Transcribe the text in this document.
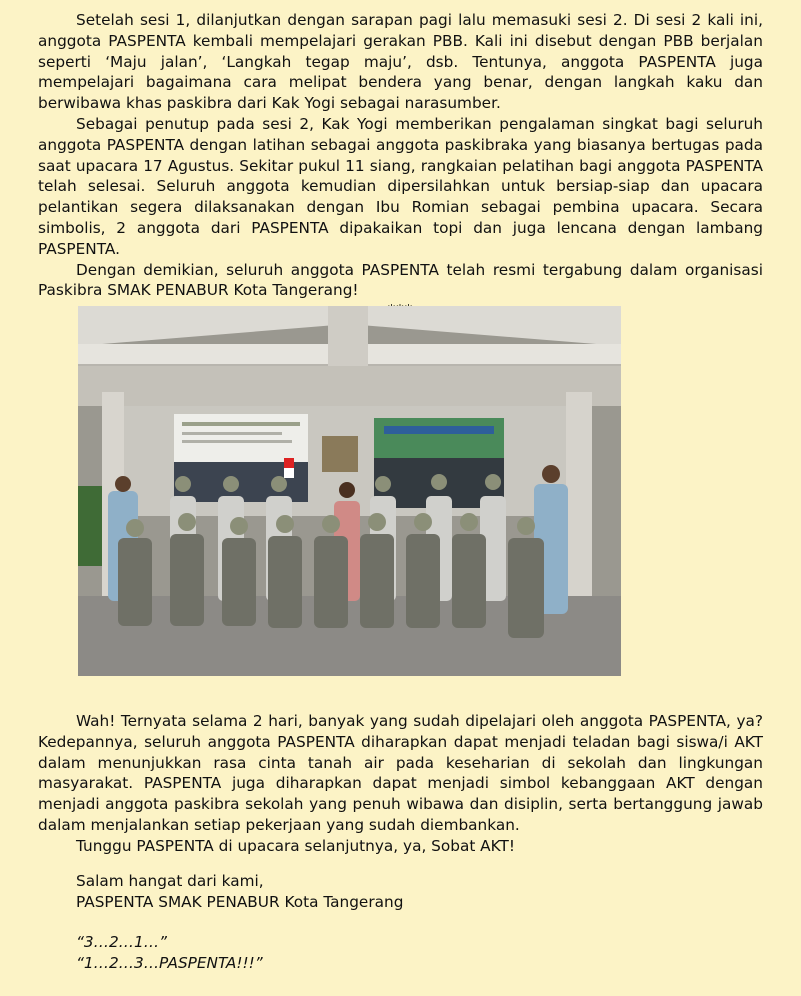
Setelah sesi 1, dilanjutkan dengan sarapan pagi lalu memasuki sesi 2. Di sesi 2 kali ini, anggota PASPENTA kembali mempelajari gerakan PBB. Kali ini disebut dengan PBB berjalan seperti ‘Maju jalan’, ‘Langkah tegap maju’, dsb. Tentunya, anggota PASPENTA juga mempelajari bagaimana cara melipat bendera yang benar, dengan langkah kaku dan berwibawa khas paskibra dari Kak Yogi sebagai narasumber.

Sebagai penutup pada sesi 2, Kak Yogi memberikan pengalaman singkat bagi seluruh anggota PASPENTA dengan latihan sebagai anggota paskibraka yang biasanya bertugas pada saat upacara 17 Agustus. Sekitar pukul 11 siang, rangkaian pelatihan bagi anggota PASPENTA telah selesai. Seluruh anggota kemudian dipersilahkan untuk bersiap-siap dan upacara pelantikan segera dilaksanakan dengan Ibu Romian sebagai pembina upacara. Secara simbolis, 2 anggota dari PASPENTA dipakaikan topi dan juga lencana dengan lambang PASPENTA.

Dengan demikian, seluruh anggota PASPENTA telah resmi tergabung dalam organisasi Paskibra SMAK PENABUR Kota Tangerang!

Wah! Ternyata selama 2 hari, banyak yang sudah dipelajari oleh anggota PASPENTA, ya? Kedepannya, seluruh anggota PASPENTA diharapkan dapat menjadi teladan bagi siswa/i AKT dalam menunjukkan rasa cinta tanah air pada keseharian di sekolah dan lingkungan masyarakat. PASPENTA juga diharapkan dapat menjadi simbol kebanggaan AKT dengan menjadi anggota paskibra sekolah yang penuh wibawa dan disiplin, serta bertanggung jawab dalam menjalankan setiap pekerjaan yang sudah diembankan.

Tunggu PASPENTA di upacara selanjutnya, ya, Sobat AKT!

Salam hangat dari kami,

PASPENTA SMAK PENABUR Kota Tangerang

“3…2…1…”

“1…2…3…PASPENTA!!!”
